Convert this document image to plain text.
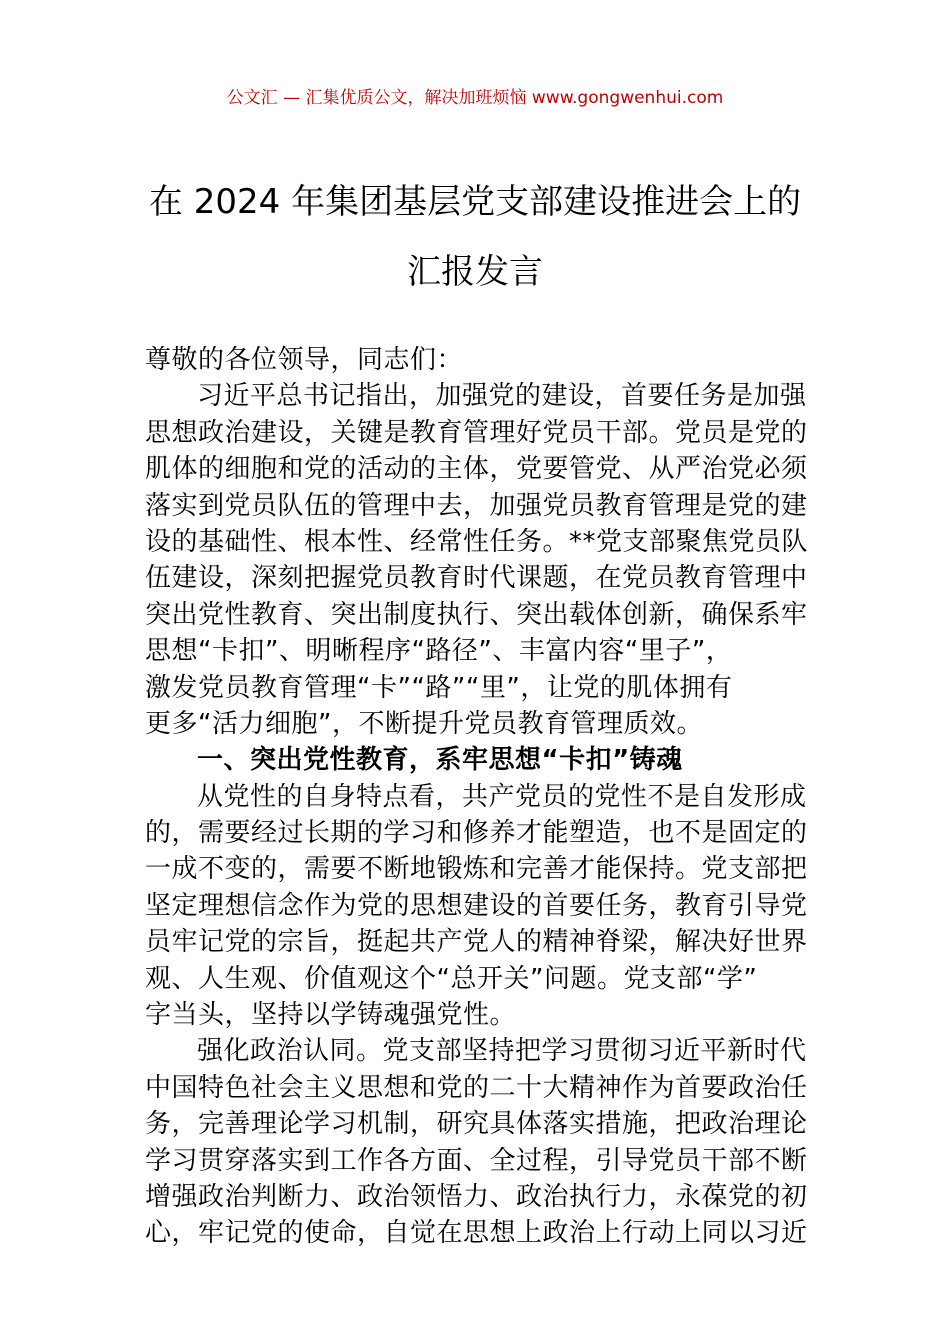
公文汇 — 汇集优质公文，解决加班烦恼 www.gongwenhui.com
在 2024 年集团基层党支部建设推进会上的
汇报发言
尊敬的各位领导，同志们：
习近平总书记指出，加强党的建设，首要任务是加强
思想政治建设，关键是教育管理好党员干部。党员是党的
肌体的细胞和党的活动的主体，党要管党、从严治党必须
落实到党员队伍的管理中去，加强党员教育管理是党的建
设的基础性、根本性、经常性任务。**党支部聚焦党员队
伍建设，深刻把握党员教育时代课题，在党员教育管理中
突出党性教育、突出制度执行、突出载体创新，确保系牢
思想“卡扣”、明晰程序“路径”、丰富内容“里子”，
激发党员教育管理“卡”“路”“里”，让党的肌体拥有
更多“活力细胞”，不断提升党员教育管理质效。
一、突出党性教育，系牢思想“卡扣”铸魂
从党性的自身特点看，共产党员的党性不是自发形成
的，需要经过长期的学习和修养才能塑造，也不是固定的
一成不变的，需要不断地锻炼和完善才能保持。党支部把
坚定理想信念作为党的思想建设的首要任务，教育引导党
员牢记党的宗旨，挺起共产党人的精神脊梁，解决好世界
观、人生观、价值观这个“总开关”问题。党支部“学”
字当头，坚持以学铸魂强党性。
强化政治认同。党支部坚持把学习贯彻习近平新时代
中国特色社会主义思想和党的二十大精神作为首要政治任
务，完善理论学习机制，研究具体落实措施，把政治理论
学习贯穿落实到工作各方面、全过程，引导党员干部不断
增强政治判断力、政治领悟力、政治执行力，永葆党的初
心，牢记党的使命，自觉在思想上政治上行动上同以习近
